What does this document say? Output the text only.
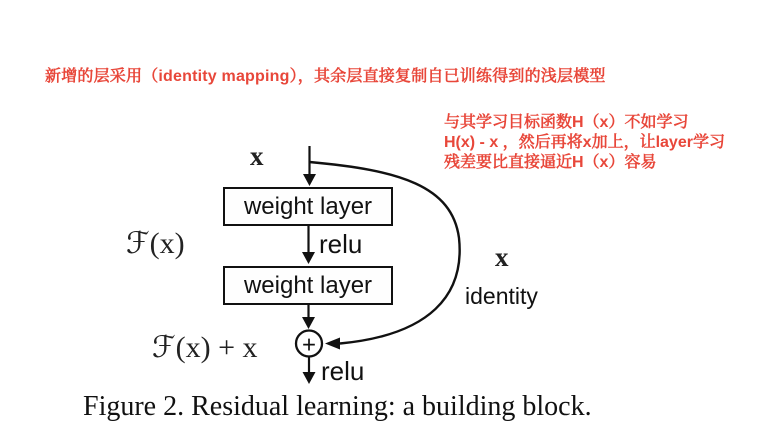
新增的层采用（identity mapping），其余层直接复制自已训练得到的浅层模型
与其学习目标函数H（x）不如学习
H(x) - x ，然后再将x加上，让layer学习
残差要比直接逼近H（x）容易
+
weight layer
weight layer
x
relu
ℱ(x)
ℱ(x) + x
x
identity
relu
Figure 2. Residual learning: a building block.
